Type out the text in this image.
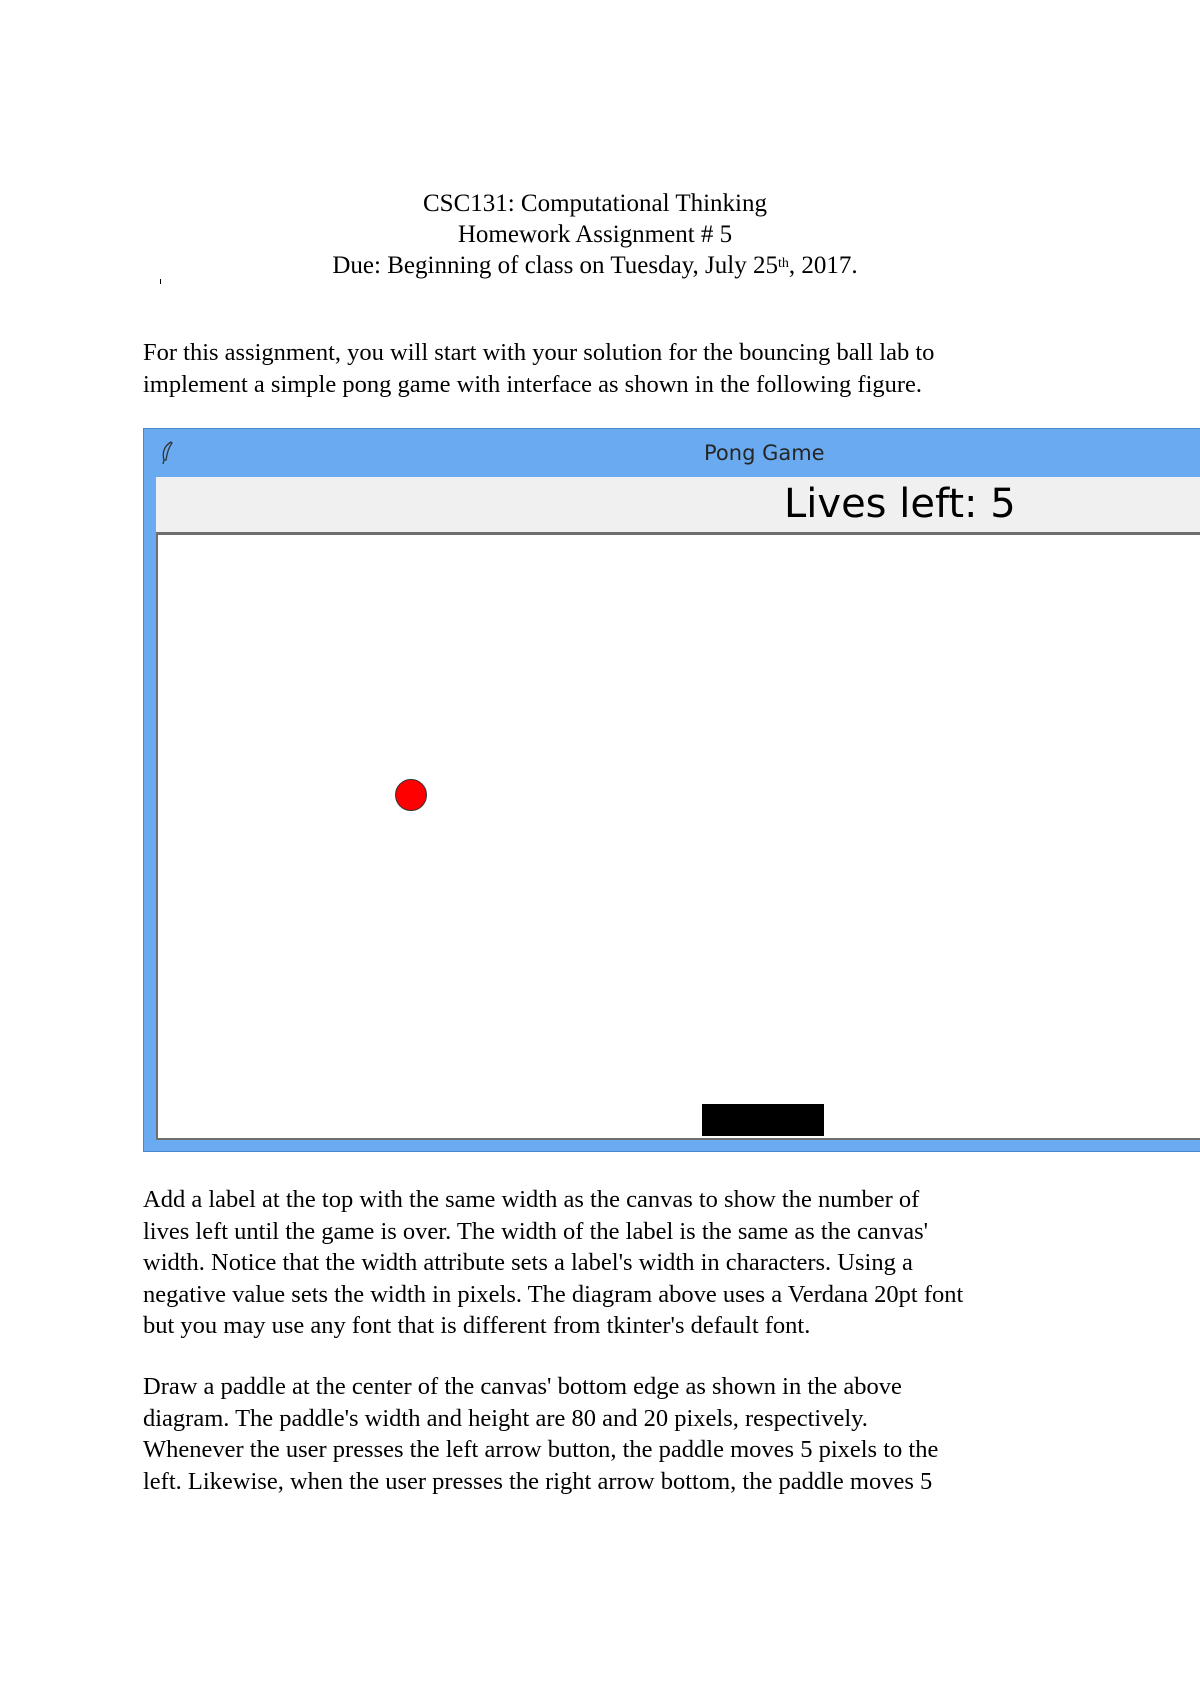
CSC131: Computational Thinking
Homework Assignment # 5
Due: Beginning of class on Tuesday, July 25th, 2017.

For this assignment, you will start with your solution for the bouncing ball lab to

implement a simple pong game with interface as shown in the following figure.

Pong Game
Lives left: 5

Add a label at the top with the same width as the canvas to show the number of

lives left until the game is over. The width of the label is the same as the canvas'

width. Notice that the width attribute sets a label's width in characters. Using a

negative value sets the width in pixels. The diagram above uses a Verdana 20pt font

but you may use any font that is different from tkinter's default font.

Draw a paddle at the center of the canvas' bottom edge as shown in the above

diagram. The paddle's width and height are 80 and 20 pixels, respectively.

Whenever the user presses the left arrow button, the paddle moves 5 pixels to the

left. Likewise, when the user presses the right arrow bottom, the paddle moves 5
